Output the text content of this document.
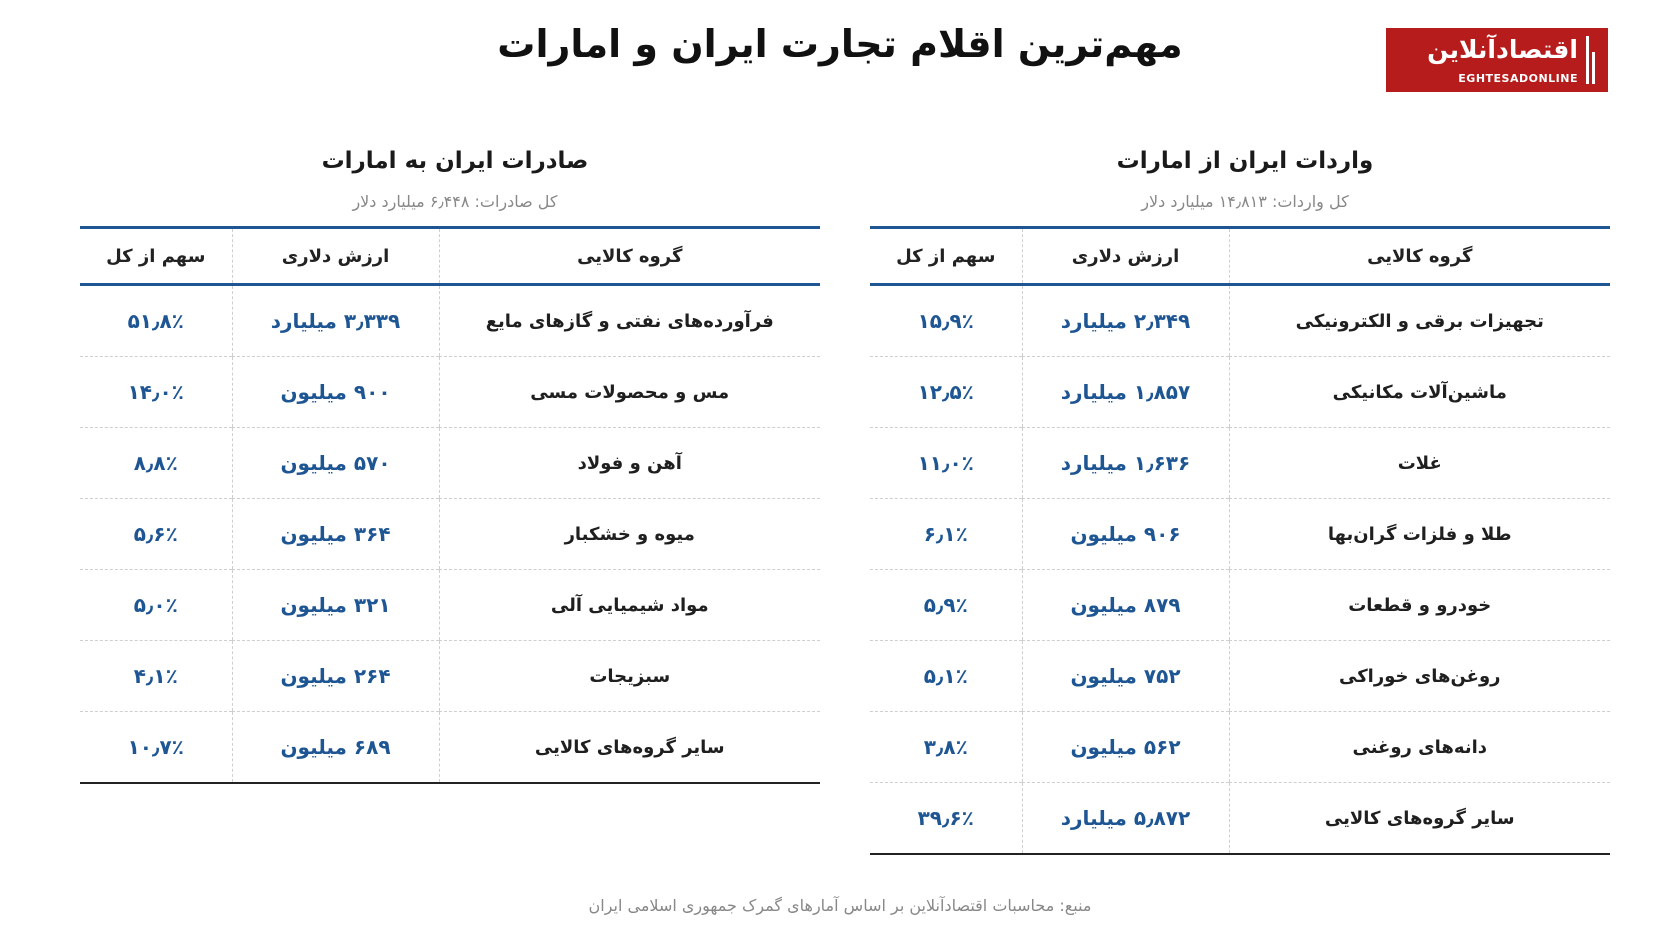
مهم‌ترین اقلام تجارت ایران و امارات	اقتصادآنلاین
EGHTESADONLINE
واردات ایران از امارات
کل واردات: ۱۴٫۸۱۳ میلیارد دلار
گروه کالایی	ارزش دلاری	سهم از کل
تجهیزات برقی و الکترونیکی	۲٫۳۴۹ میلیارد	۱۵٫۹٪
ماشین‌آلات مکانیکی	۱٫۸۵۷ میلیارد	۱۲٫۵٪
غلات	۱٫۶۳۶ میلیارد	۱۱٫۰٪
طلا و فلزات گران‌بها	۹۰۶ میلیون	۶٫۱٪
خودرو و قطعات	۸۷۹ میلیون	۵٫۹٪
روغن‌های خوراکی	۷۵۲ میلیون	۵٫۱٪
دانه‌های روغنی	۵۶۲ میلیون	۳٫۸٪
سایر گروه‌های کالایی	۵٫۸۷۲ میلیارد	۳۹٫۶٪
صادرات ایران به امارات
کل صادرات: ۶٫۴۴۸ میلیارد دلار
گروه کالایی	ارزش دلاری	سهم از کل
فرآورده‌های نفتی و گازهای مایع	۳٫۳۳۹ میلیارد	۵۱٫۸٪
مس و محصولات مسی	۹۰۰ میلیون	۱۴٫۰٪
آهن و فولاد	۵۷۰ میلیون	۸٫۸٪
میوه و خشکبار	۳۶۴ میلیون	۵٫۶٪
مواد شیمیایی آلی	۳۲۱ میلیون	۵٫۰٪
سبزیجات	۲۶۴ میلیون	۴٫۱٪
سایر گروه‌های کالایی	۶۸۹ میلیون	۱۰٫۷٪
منبع: محاسبات اقتصادآنلاین بر اساس آمارهای گمرک جمهوری اسلامی ایران
